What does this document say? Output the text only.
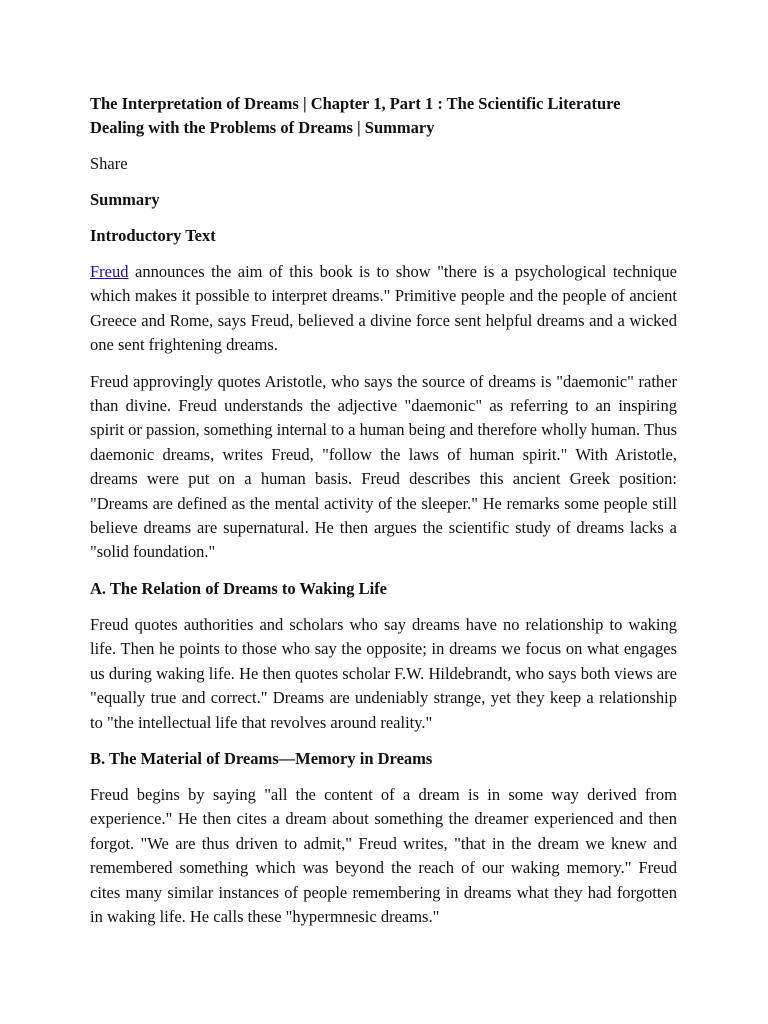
The Interpretation of Dreams | Chapter 1, Part 1 : The Scientific Literature Dealing with the Problems of Dreams | Summary
Share
Summary
Introductory Text

Freud announces the aim of this book is to show "there is a psychological technique which makes it possible to interpret dreams." Primitive people and the people of ancient Greece and Rome, says Freud, believed a divine force sent helpful dreams and a wicked one sent frightening dreams.

Freud approvingly quotes Aristotle, who says the source of dreams is "daemonic" rather than divine. Freud understands the adjective "daemonic" as referring to an inspiring spirit or passion, something internal to a human being and therefore wholly human. Thus daemonic dreams, writes Freud, "follow the laws of human spirit." With Aristotle, dreams were put on a human basis. Freud describes this ancient Greek position: "Dreams are defined as the mental activity of the sleeper." He remarks some people still believe dreams are supernatural. He then argues the scientific study of dreams lacks a "solid foundation."

A. The Relation of Dreams to Waking Life

Freud quotes authorities and scholars who say dreams have no relationship to waking life. Then he points to those who say the opposite; in dreams we focus on what engages us during waking life. He then quotes scholar F.W. Hildebrandt, who says both views are "equally true and correct." Dreams are undeniably strange, yet they keep a relationship to "the intellectual life that revolves around reality."

B. The Material of Dreams—Memory in Dreams

Freud begins by saying "all the content of a dream is in some way derived from experience." He then cites a dream about something the dreamer experienced and then forgot. "We are thus driven to admit," Freud writes, "that in the dream we knew and remembered something which was beyond the reach of our waking memory." Freud cites many similar instances of people remembering in dreams what they had forgotten in waking life. He calls these "hypermnesic dreams."
